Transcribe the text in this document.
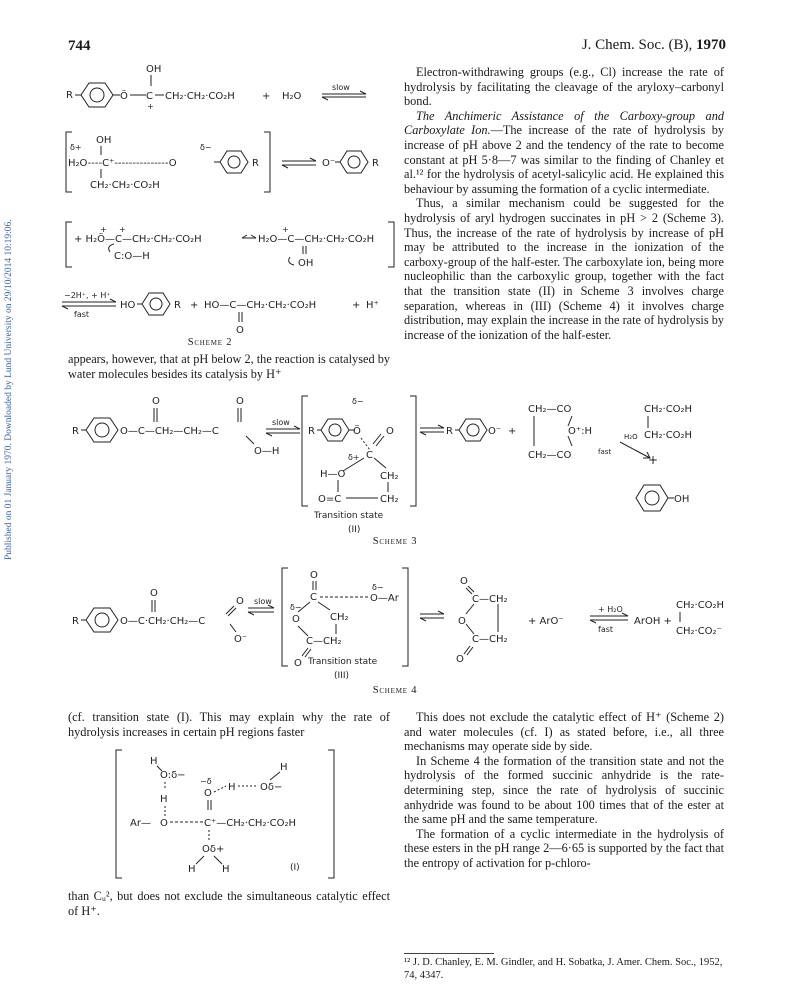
Published on 01 January 1970. Downloaded by Lund University on 29/10/2014 10:19:06.
744	J. Chem. Soc. (B), 1970
OH
R	Ö C
+
CH₂·CH₂·CO₂H	+ H₂O
slow
OH
δ+	δ−
H₂O----C⁺---------------O	R
CH₂·CH₂·CO₂H
O⁻	R
+ H₂Ö—C—CH₂·CH₂·CO₂H
+ +
C:O—H
H₂O—C—CH₂·CH₂·CO₂H
+
OH
−2H⁺, + H⁺
fast
HO	R + HO—C—CH₂·CH₂·CO₂H	+ H⁺
O
Scheme 2

Electron-withdrawing groups (e.g., Cl) increase the rate of hydrolysis by facilitating the cleavage of the aryloxy–carbonyl bond.

The Anchimeric Assistance of the Carboxy-group and Carboxylate Ion.—The increase of the rate of hydrolysis by increase of pH above 2 and the tendency of the rate to become constant at pH 5·8—7 was similar to the finding of Chanley et al.¹² for the hydrolysis of acetyl-salicylic acid. He explained this behaviour by assuming the formation of a cyclic intermediate.

Thus, a similar mechanism could be suggested for the hydrolysis of aryl hydrogen succinates in pH > 2 (Scheme 3). Thus, the increase of the rate of hydrolysis by increase of pH may be attributed to the increase in the ionization of the carboxy-group of the half-ester. The carboxylate ion, being more nucleophilic than the carboxylic group, together with the fact that the transition state (II) in Scheme 3 involves charge separation, whereas in (III) (Scheme 4) it involves charge distribution, may explain the increase in the rate of hydrolysis by increase of the ionization of the half-ester.

appears, however, that at pH below 2, the reaction is catalysed by water molecules besides its catalysis by H⁺

R	O—C—CH₂—CH₂—C
O	O
O—H
slow
R	Ö
δ−
O
δ+ C
H—O	CH₂
O=C	CH₂
Transition state
(II)
R	O⁻ +
CH₂—CO
O⁺:H
CH₂—CO
H₂O
fast
CH₂·CO₂H
CH₂·CO₂H
+
OH
Scheme 3
R	O—C·CH₂·CH₂—C
O
O
O⁻
slow
O
C
δ−
O—Ar
δ−
O	CH₂
C—CH₂
O Transition state
(III)
O
C—CH₂
O
C—CH₂
O
+ ArO⁻
+ H₂O
fast
ArOH +
CH₂·CO₂H
CH₂·CO₂⁻
Scheme 4

(cf. transition state (I). This may explain why the rate of hydrolysis increases in certain pH regions faster

H
O:δ−
H
−δ
O
H Oδ−
H
Ar— O	C⁺—CH₂·CH₂·CO₂H
Oδ+
H	H	(I)

than Cᵤ², but does not exclude the simultaneous catalytic effect of H⁺.

This does not exclude the catalytic effect of H⁺ (Scheme 2) and water molecules (cf. I) as stated before, i.e., all three mechanisms may operate side by side.

In Scheme 4 the formation of the transition state and not the hydrolysis of the formed succinic anhydride is the rate-determining step, since the rate of hydrolysis of succinic anhydride was found to be about 100 times that of the ester at the same pH and the same temperature.

The formation of a cyclic intermediate in the hydrolysis of these esters in the pH range 2—6·65 is supported by the fact that the entropy of activation for p-chloro-

¹² J. D. Chanley, E. M. Gindler, and H. Sobatka, J. Amer. Chem. Soc., 1952, 74, 4347.
